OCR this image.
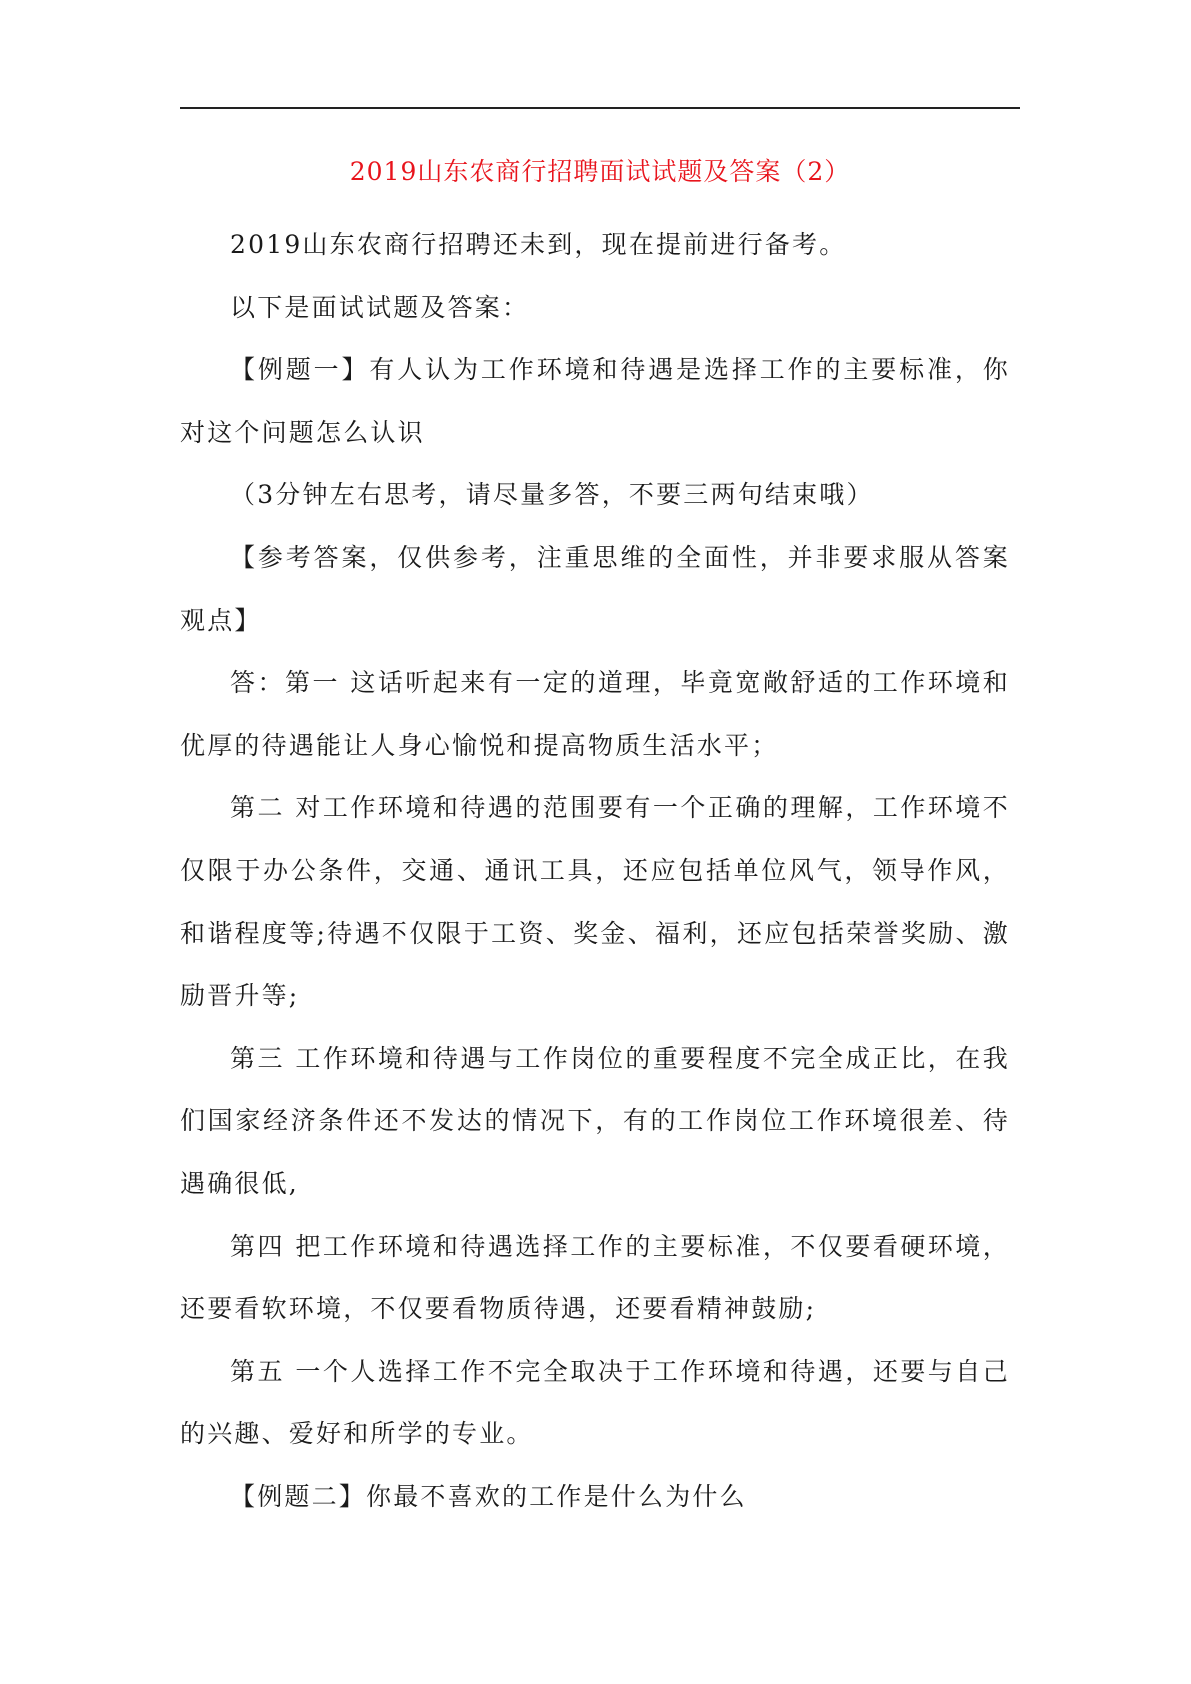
2019山东农商行招聘面试试题及答案（2）

2019山东农商行招聘还未到，现在提前进行备考。

以下是面试试题及答案：

【例题一】有人认为工作环境和待遇是选择工作的主要标准，你对这个问题怎么认识

（3分钟左右思考，请尽量多答，不要三两句结束哦）

【参考答案，仅供参考，注重思维的全面性，并非要求服从答案观点】

答：第一 这话听起来有一定的道理，毕竟宽敞舒适的工作环境和优厚的待遇能让人身心愉悦和提高物质生活水平；

第二 对工作环境和待遇的范围要有一个正确的理解，工作环境不仅限于办公条件，交通、通讯工具，还应包括单位风气，领导作风，和谐程度等;待遇不仅限于工资、奖金、福利，还应包括荣誉奖励、激励晋升等;

第三 工作环境和待遇与工作岗位的重要程度不完全成正比，在我们国家经济条件还不发达的情况下，有的工作岗位工作环境很差、待遇确很低,

第四 把工作环境和待遇选择工作的主要标准，不仅要看硬环境，还要看软环境，不仅要看物质待遇，还要看精神鼓励;

第五 一个人选择工作不完全取决于工作环境和待遇，还要与自己的兴趣、爱好和所学的专业。

【例题二】你最不喜欢的工作是什么为什么
